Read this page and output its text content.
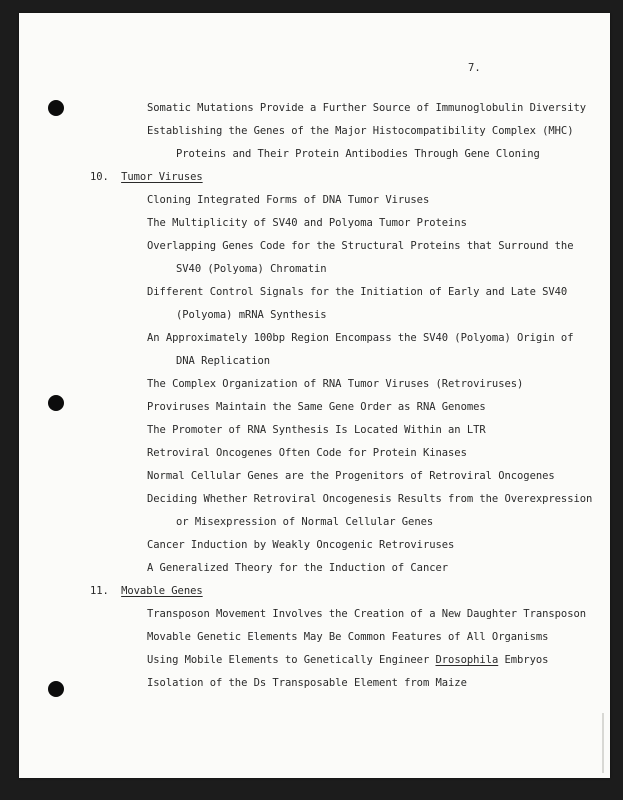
7.
Somatic Mutations Provide a Further Source of Immunoglobulin Diversity
Establishing the Genes of the Major Histocompatibility Complex (MHC)
Proteins and Their Protein Antibodies Through Gene Cloning
10. Tumor Viruses
Cloning Integrated Forms of DNA Tumor Viruses
The Multiplicity of SV40 and Polyoma Tumor Proteins
Overlapping Genes Code for the Structural Proteins that Surround the
SV40 (Polyoma) Chromatin
Different Control Signals for the Initiation of Early and Late SV40
(Polyoma) mRNA Synthesis
An Approximately 100bp Region Encompass the SV40 (Polyoma) Origin of
DNA Replication
The Complex Organization of RNA Tumor Viruses (Retroviruses)
Proviruses Maintain the Same Gene Order as RNA Genomes
The Promoter of RNA Synthesis Is Located Within an LTR
Retroviral Oncogenes Often Code for Protein Kinases
Normal Cellular Genes are the Progenitors of Retroviral Oncogenes
Deciding Whether Retroviral Oncogenesis Results from the Overexpression
or Misexpression of Normal Cellular Genes
Cancer Induction by Weakly Oncogenic Retroviruses
A Generalized Theory for the Induction of Cancer
11. Movable Genes
Transposon Movement Involves the Creation of a New Daughter Transposon
Movable Genetic Elements May Be Common Features of All Organisms
Using Mobile Elements to Genetically Engineer Drosophila Embryos
Isolation of the Ds Transposable Element from Maize
